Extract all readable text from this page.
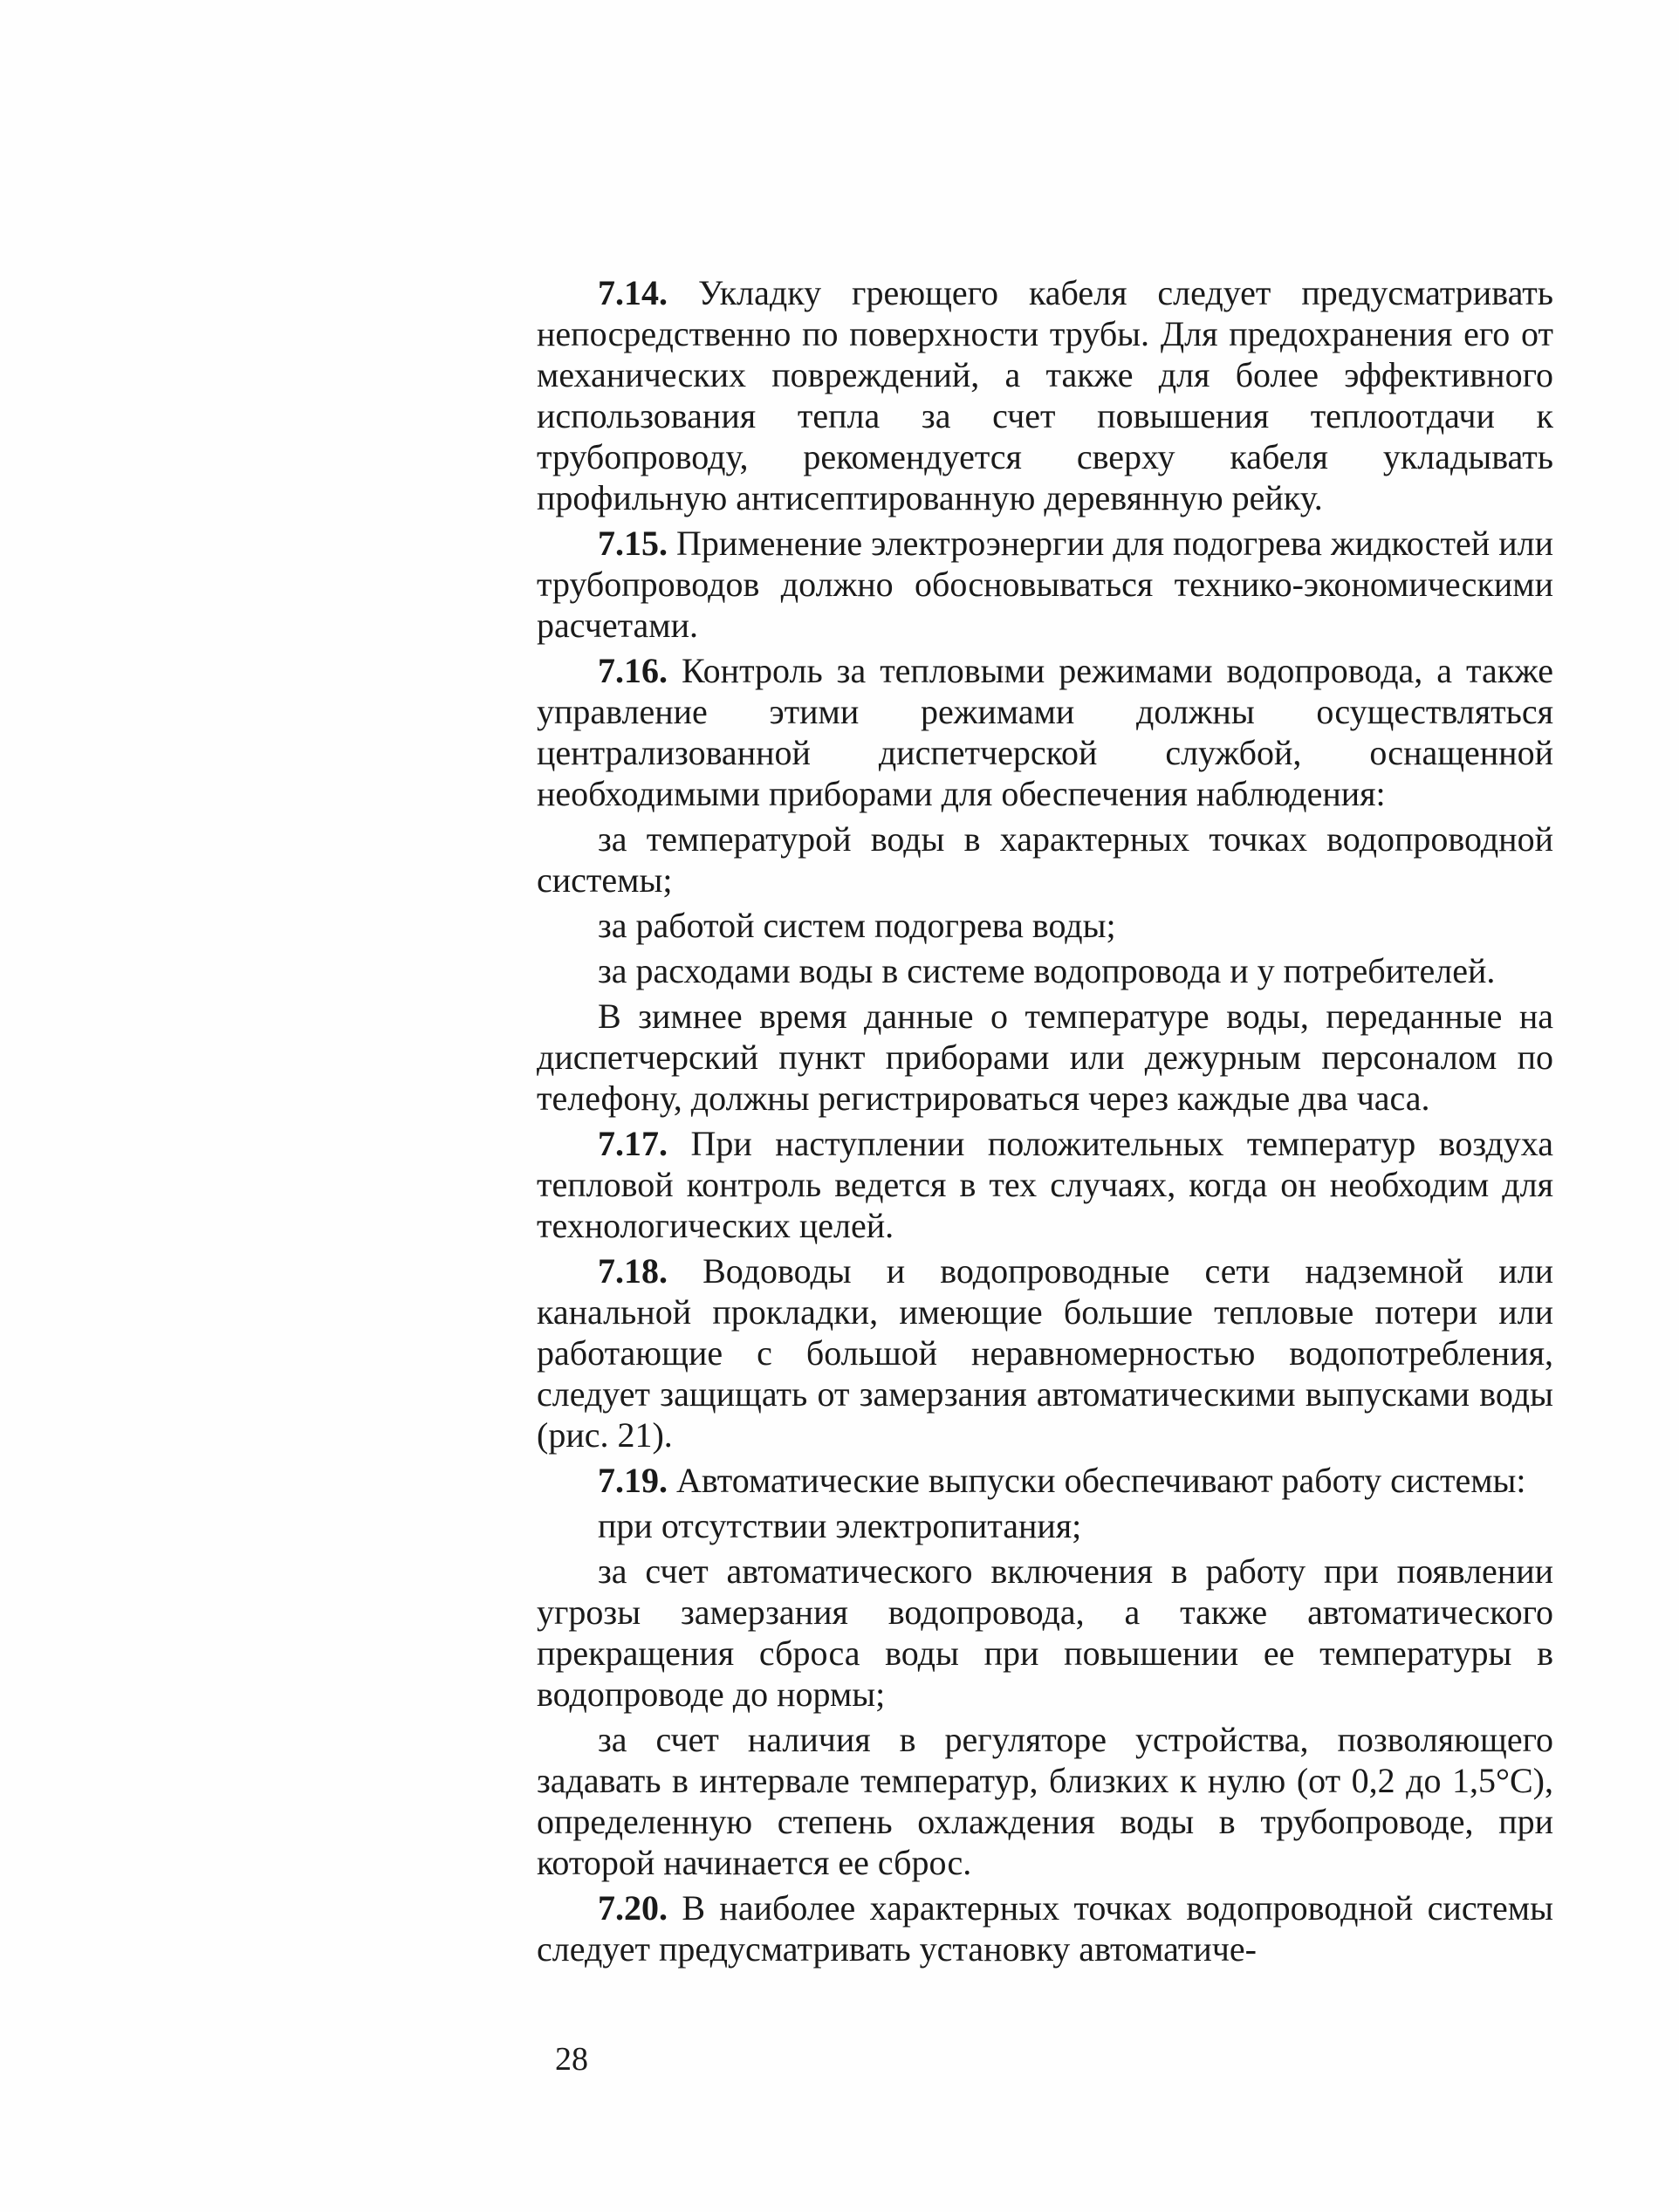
7.14. Укладку греющего кабеля следует предусматривать непосредственно по поверхности трубы. Для предохранения его от механических повреждений, а также для более эффективного использования тепла за счет повышения теплоотдачи к трубопроводу, рекомендуется сверху кабеля укладывать профильную антисептированную деревянную рейку.

7.15. Применение электроэнергии для подогрева жидкостей или трубопроводов должно обосновываться технико-экономическими расчетами.

7.16. Контроль за тепловыми режимами водопровода, а также управление этими режимами должны осуществляться централизованной диспетчерской службой, оснащенной необходимыми приборами для обеспечения наблюдения:

за температурой воды в характерных точках водопроводной системы;

за работой систем подогрева воды;

за расходами воды в системе водопровода и у потребителей.

В зимнее время данные о температуре воды, переданные на диспетчерский пункт приборами или дежурным персоналом по телефону, должны регистрироваться через каждые два часа.

7.17. При наступлении положительных температур воздуха тепловой контроль ведется в тех случаях, когда он необходим для технологических целей.

7.18. Водоводы и водопроводные сети надземной или канальной прокладки, имеющие большие тепловые потери или работающие с большой неравномерностью водопотребления, следует защищать от замерзания автоматическими выпусками воды (рис. 21).

7.19. Автоматические выпуски обеспечивают работу системы:

при отсутствии электропитания;

за счет автоматического включения в работу при появлении угрозы замерзания водопровода, а также автоматического прекращения сброса воды при повышении ее температуры в водопроводе до нормы;

за счет наличия в регуляторе устройства, позволяющего задавать в интервале температур, близких к нулю (от 0,2 до 1,5°С), определенную степень охлаждения воды в трубопроводе, при которой начинается ее сброс.

7.20. В наиболее характерных точках водопроводной системы следует предусматривать установку автоматиче-

28
